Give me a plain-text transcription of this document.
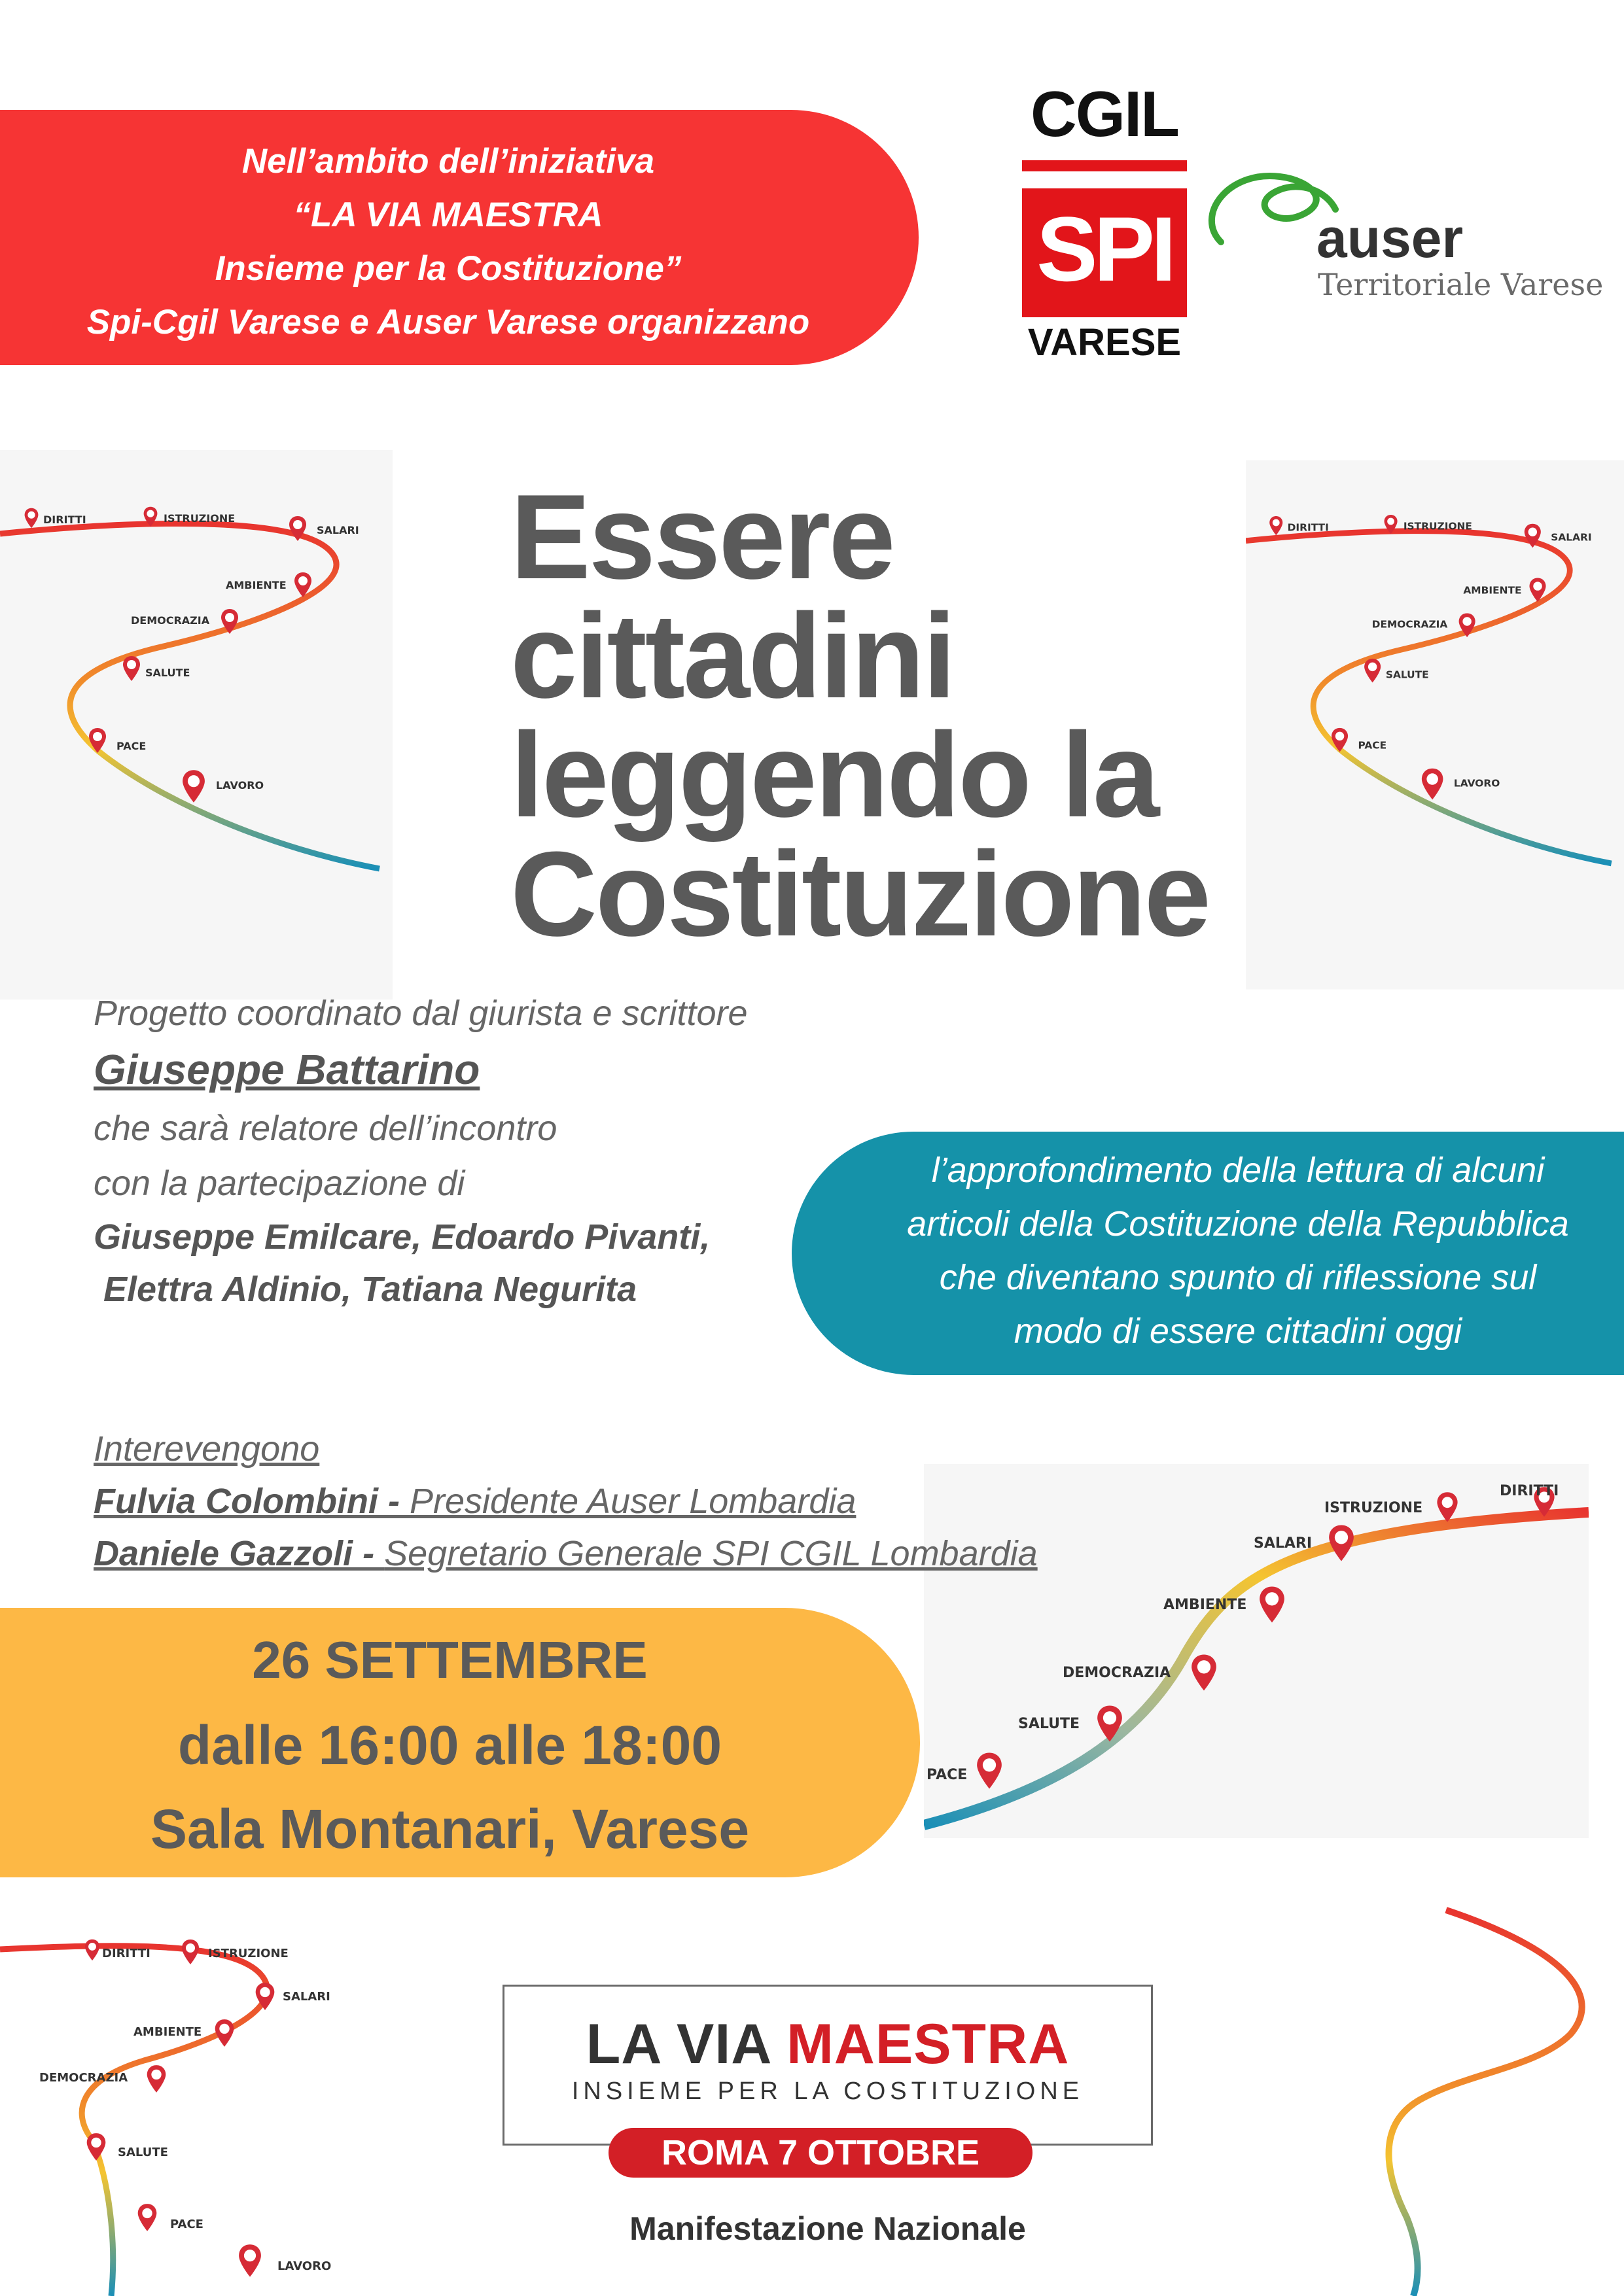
Nell’ambito dell’iniziativa
“LA VIA MAESTRA
Insieme per la Costituzione”
Spi-Cgil Varese e Auser Varese organizzano
CGIL
SPI
VARESE
auser
Territoriale Varese
DIRITTI	ISTRUZIONE
SALARI
AMBIENTE
DEMOCRAZIA
SALUTE
PACE
LAVORO
DIRITTI	ISTRUZIONE
SALARI
AMBIENTE
DEMOCRAZIA
SALUTE
PACE
LAVORO
DIRITTI
ISTRUZIONE
SALARI
AMBIENTE
DEMOCRAZIA
SALUTE
PACE
DIRITTI	ISTRUZIONE
SALARI
AMBIENTE
DEMOCRAZIA
SALUTE
PACE
LAVORO
Essere
cittadini
leggendo la
Costituzione
Progetto coordinato dal giurista e scrittore
Giuseppe Battarino
che sarà relatore dell’incontro
con la partecipazione di
Giuseppe Emilcare, Edoardo Pivanti,
Elettra Aldinio, Tatiana Negurita
l’approfondimento della lettura di alcuni
articoli della Costituzione della Repubblica
che diventano spunto di riflessione sul
modo di essere cittadini oggi
Interevengono
Fulvia Colombini - Presidente Auser Lombardia
Daniele Gazzoli - Segretario Generale SPI CGIL Lombardia
26 SETTEMBRE
dalle 16:00 alle 18:00
Sala Montanari, Varese
LA VIA MAESTRA
INSIEME PER LA COSTITUZIONE
ROMA 7 OTTOBRE
Manifestazione Nazionale
